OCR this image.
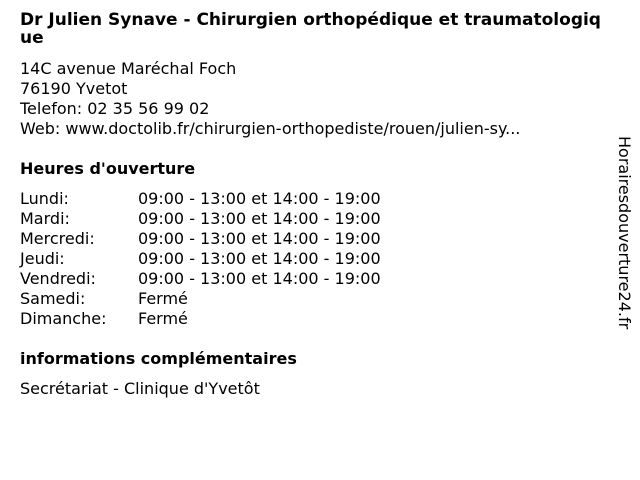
Dr Julien Synave - Chirurgien orthopédique et traumatologique
14C avenue Maréchal Foch
76190 Yvetot
Telefon: 02 35 56 99 02
Web: www.doctolib.fr/chirurgien-orthopediste/rouen/julien-sy...
Heures d'ouverture
Lundi:	09:00 - 13:00 et 14:00 - 19:00
Mardi:	09:00 - 13:00 et 14:00 - 19:00
Mercredi:	09:00 - 13:00 et 14:00 - 19:00
Jeudi:	09:00 - 13:00 et 14:00 - 19:00
Vendredi:	09:00 - 13:00 et 14:00 - 19:00
Samedi:	Fermé
Dimanche:	Fermé
informations complémentaires
Secrétariat - Clinique d'Yvetôt
Horairesdouverture24.fr
